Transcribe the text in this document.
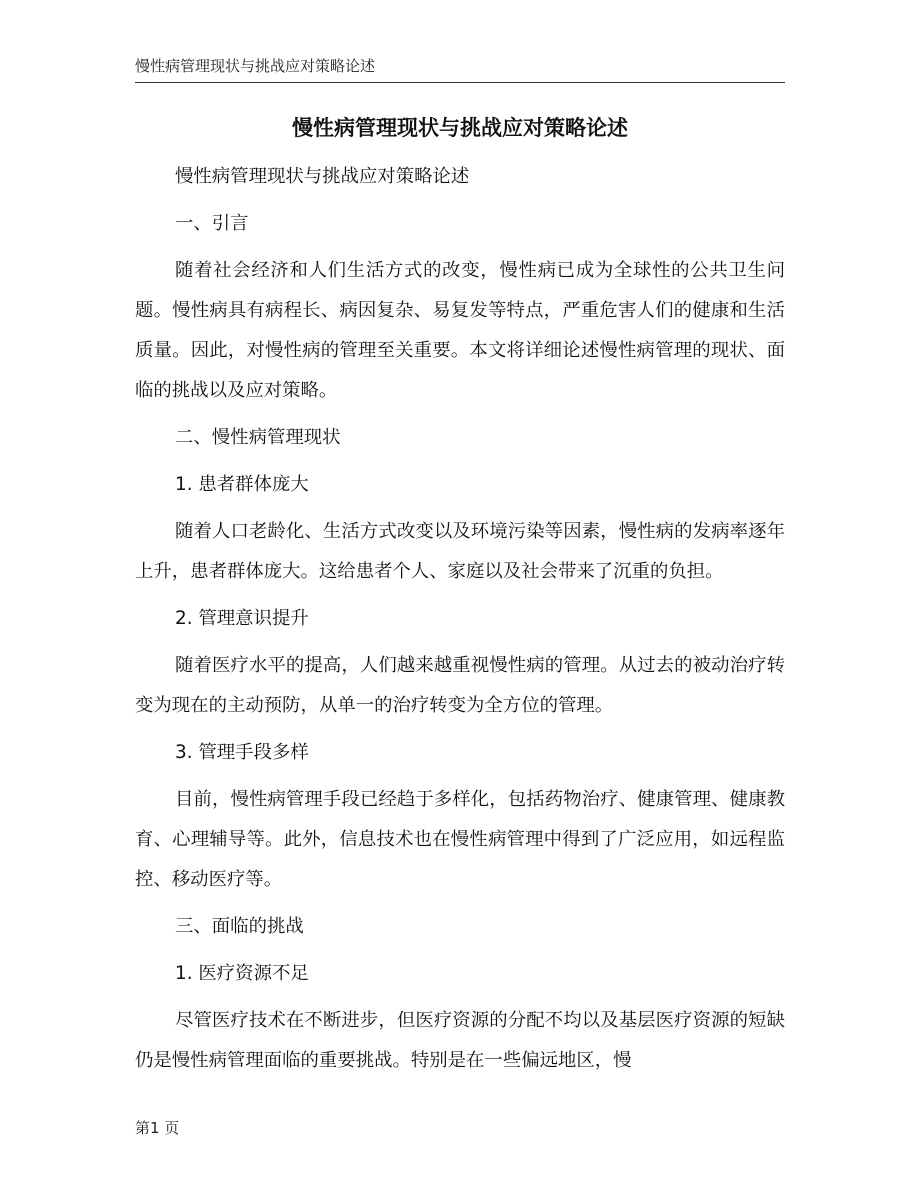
慢性病管理现状与挑战应对策略论述
慢性病管理现状与挑战应对策略论述

慢性病管理现状与挑战应对策略论述

一、引言

随着社会经济和人们生活方式的改变，慢性病已成为全球性的公共卫生问题。慢性病具有病程长、病因复杂、易复发等特点，严重危害人们的健康和生活质量。因此，对慢性病的管理至关重要。本文将详细论述慢性病管理的现状、面临的挑战以及应对策略。

二、慢性病管理现状

1. 患者群体庞大

随着人口老龄化、生活方式改变以及环境污染等因素，慢性病的发病率逐年上升，患者群体庞大。这给患者个人、家庭以及社会带来了沉重的负担。

2. 管理意识提升

随着医疗水平的提高，人们越来越重视慢性病的管理。从过去的被动治疗转变为现在的主动预防，从单一的治疗转变为全方位的管理。

3. 管理手段多样

目前，慢性病管理手段已经趋于多样化，包括药物治疗、健康管理、健康教育、心理辅导等。此外，信息技术也在慢性病管理中得到了广泛应用，如远程监控、移动医疗等。

三、面临的挑战

1. 医疗资源不足

尽管医疗技术在不断进步，但医疗资源的分配不均以及基层医疗资源的短缺仍是慢性病管理面临的重要挑战。特别是在一些偏远地区，慢

第1 页
